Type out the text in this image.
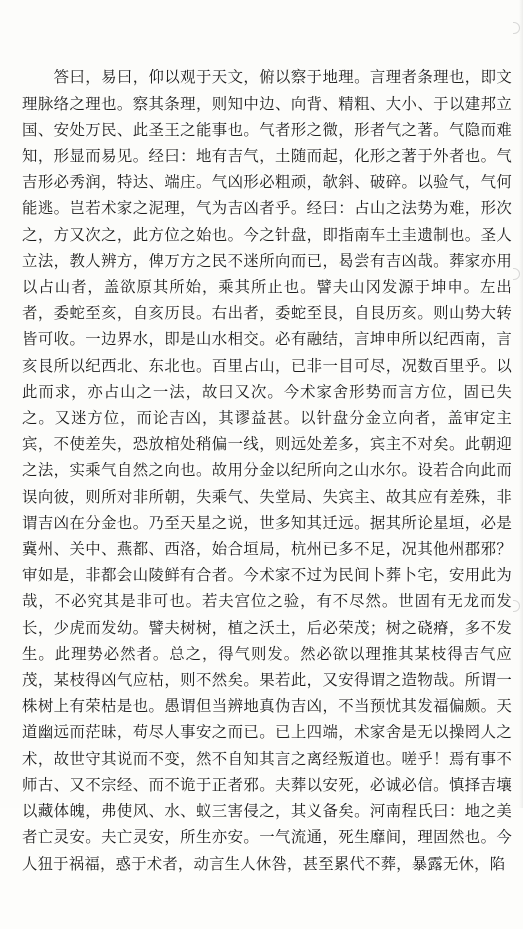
　　答曰，易曰，仰以观于天文，俯以察于地理。言理者条理也，即文理脉络之理也。察其条理，则知中边、向背、精粗、大小、于以建邦立国、安处万民、此圣王之能事也。气者形之微，形者气之著。气隐而难知，形显而易见。经曰：地有吉气，土随而起，化形之著于外者也。气吉形必秀润，特达、端庄。气凶形必粗顽，欹斜、破碎。以验气，气何能逃。岂若术家之泥理，气为吉凶者乎。经曰：占山之法势为难，形次之，方又次之，此方位之始也。今之针盘，即指南车土圭遗制也。圣人立法，教人辨方，俾万方之民不迷所向而已，曷尝有吉凶哉。葬家亦用以占山者，盖欲原其所始，乘其所止也。譬夫山冈发源于坤申。左出者，委蛇至亥，自亥历艮。右出者，委蛇至艮，自艮历亥。则山势大转皆可收。一边界水，即是山水相交。必有融结，言坤申所以纪西南，言亥艮所以纪西北、东北也。百里占山，已非一目可尽，况数百里乎。以此而求，亦占山之一法，故曰又次。今术家舍形势而言方位，固已失之。又迷方位，而论吉凶，其谬益甚。以针盘分金立向者，盖审定主宾，不使差失，恐放棺处稍偏一线，则远处差多，宾主不对矣。此朝迎之法，实乘气自然之向也。故用分金以纪所向之山水尔。设若合向此而误向彼，则所对非所朝，失乘气、失堂局、失宾主、故其应有差殊，非谓吉凶在分金也。乃至天星之说，世多知其迁远。据其所论星垣，必是冀州、关中、燕都、西洛，始合垣局，杭州已多不足，况其他州郡邪？审如是，非都会山陵鲜有合者。今术家不过为民间卜葬卜宅，安用此为哉，不必究其是非可也。若夫宫位之验，有不尽然。世固有无龙而发长，少虎而发幼。譬夫树树，植之沃土，后必荣茂；树之硗瘠，多不发生。此理势必然者。总之，得气则发。然必欲以理推其某枝得吉气应茂，某枝得凶气应枯，则不然矣。果若此，又安得谓之造物哉。所谓一株树上有荣枯是也。愚谓但当辨地真伪吉凶，不当预忧其发福偏颇。天道幽远而茫昧，苟尽人事安之而已。已上四端，术家舍是无以操罔人之术，故世守其说而不变，然不自知其言之离经叛道也。嗟乎！焉有事不师古、又不宗经、而不诡于正者邪。夫葬以安死，必诚必信。慎择吉壤以藏体魄，弗使风、水、蚁三害侵之，其义备矣。河南程氏曰：地之美者亡灵安。夫亡灵安，所生亦安。一气流通，死生靡间，理固然也。今人狃于祸福，惑于术者，动言生人休咎，甚至累代不葬，暴露无休，陷
